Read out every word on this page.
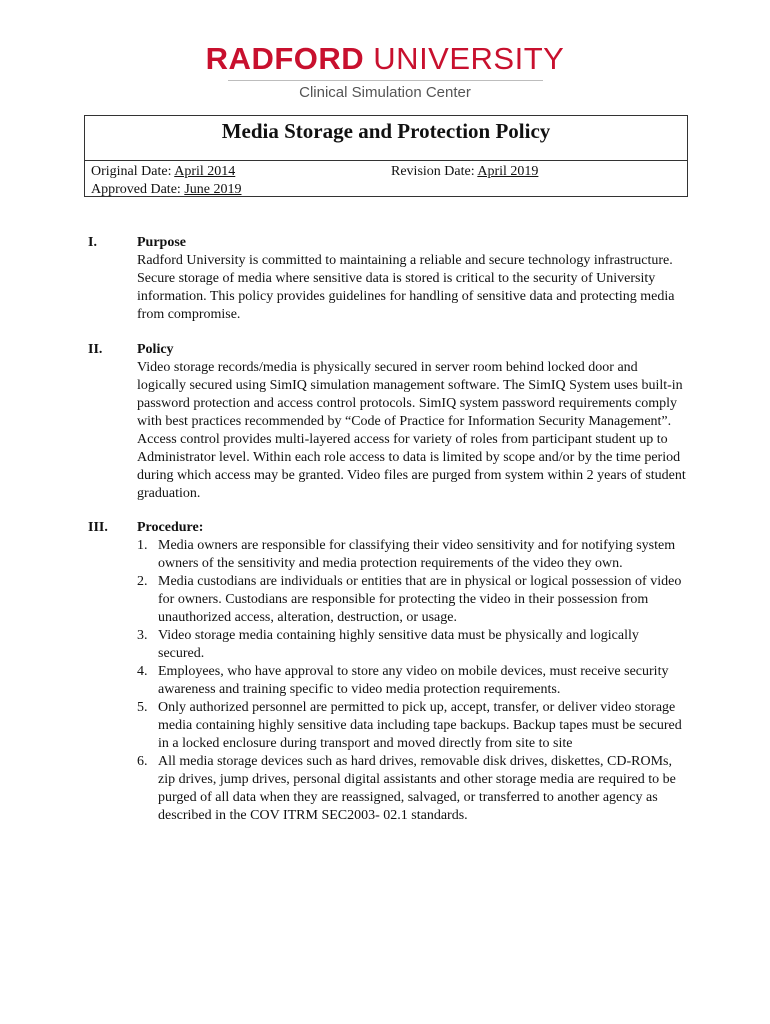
RADFORD UNIVERSITY
Clinical Simulation Center
Media Storage and Protection Policy
Original Date: April 2014
Approved Date: June 2019
Revision Date: April 2019
I.	Purpose
Radford University is committed to maintaining a reliable and secure technology infrastructure. Secure storage of media where sensitive data is stored is critical to the security of University information. This policy provides guidelines for handling of sensitive data and protecting media from compromise.
II. Policy
Video storage records/media is physically secured in server room behind locked door and logically secured using SimIQ simulation management software. The SimIQ System uses built-in password protection and access control protocols. SimIQ system password requirements comply with best practices recommended by “Code of Practice for Information Security Management”. Access control provides multi-layered access for variety of roles from participant student up to Administrator level. Within each role access to data is limited by scope and/or by the time period during which access may be granted. Video files are purged from system within 2 years of student graduation.
III. Procedure:
1. Media owners are responsible for classifying their video sensitivity and for notifying system owners of the sensitivity and media protection requirements of the video they own.
2. Media custodians are individuals or entities that are in physical or logical possession of video for owners. Custodians are responsible for protecting the video in their possession from unauthorized access, alteration, destruction, or usage.
3. Video storage media containing highly sensitive data must be physically and logically secured.
4. Employees, who have approval to store any video on mobile devices, must receive security awareness and training specific to video media protection requirements.
5. Only authorized personnel are permitted to pick up, accept, transfer, or deliver video storage media containing highly sensitive data including tape backups. Backup tapes must be secured in a locked enclosure during transport and moved directly from site to site
6. All media storage devices such as hard drives, removable disk drives, diskettes, CD-ROMs, zip drives, jump drives, personal digital assistants and other storage media are required to be purged of all data when they are reassigned, salvaged, or transferred to another agency as described in the COV ITRM SEC2003- 02.1 standards.
